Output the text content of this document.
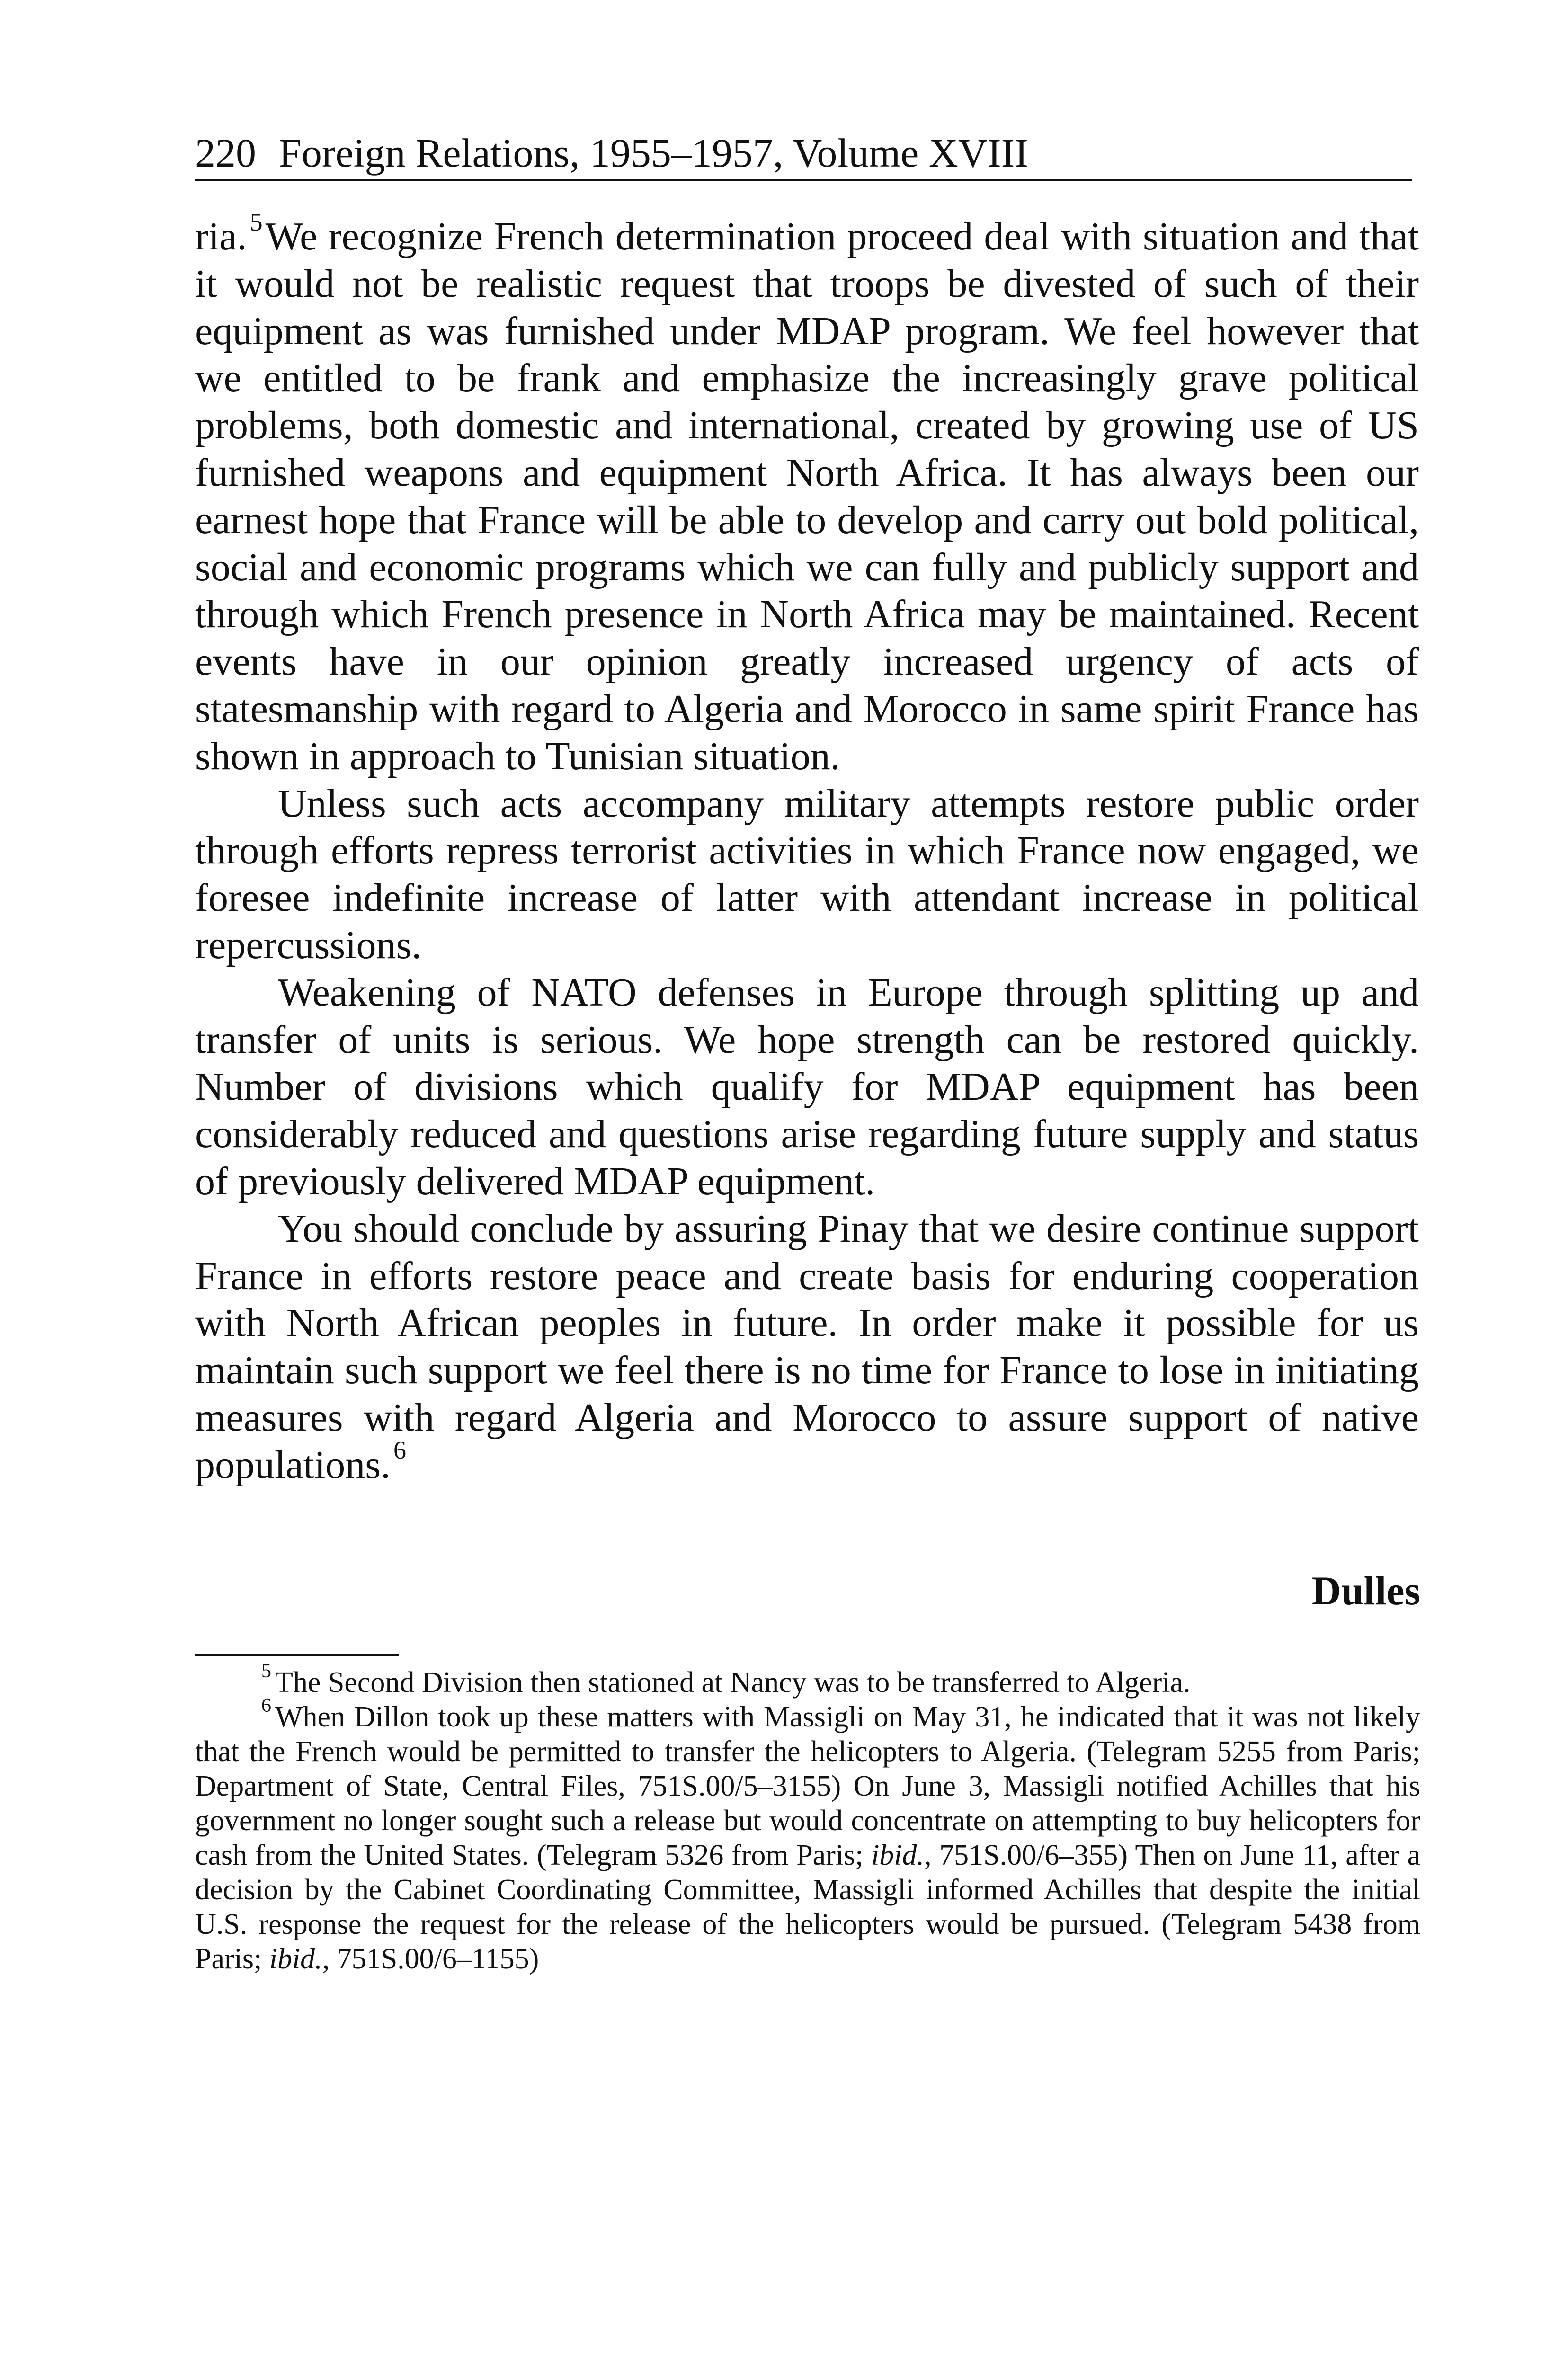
220 Foreign Relations, 1955–1957, Volume XVIII

ria. $^5$We recognize French determination proceed deal with situation and that it would not be realistic request that troops be divested of such of their equipment as was furnished under MDAP program. We feel however that we entitled to be frank and emphasize the increasingly grave political problems, both domestic and international, created by growing use of US furnished weapons and equipment North Africa. It has always been our earnest hope that France will be able to develop and carry out bold political, social and economic programs which we can fully and publicly support and through which French presence in North Africa may be maintained. Recent events have in our opinion greatly increased urgency of acts of statesmanship with regard to Algeria and Morocco in same spirit France has shown in approach to Tunisian situation.

Unless such acts accompany military attempts restore public order through efforts repress terrorist activities in which France now engaged, we foresee indefinite increase of latter with attendant increase in political repercussions.

Weakening of NATO defenses in Europe through splitting up and transfer of units is serious. We hope strength can be restored quickly. Number of divisions which qualify for MDAP equipment has been considerably reduced and questions arise regarding future supply and status of previously delivered MDAP equipment.

You should conclude by assuring Pinay that we desire continue support France in efforts restore peace and create basis for enduring cooperation with North African peoples in future. In order make it possible for us maintain such support we feel there is no time for France to lose in initiating measures with regard Algeria and Morocco to assure support of native populations. $^6$

Dulles

$^5$ The Second Division then stationed at Nancy was to be transferred to Algeria.

$^6$ When Dillon took up these matters with Massigli on May 31, he indicated that it was not likely that the French would be permitted to transfer the helicopters to Algeria. (Telegram 5255 from Paris; Department of State, Central Files, 751S.00/5–3155) On June 3, Massigli notified Achilles that his government no longer sought such a release but would concentrate on attempting to buy helicopters for cash from the United States. (Telegram 5326 from Paris; ibid., 751S.00/6–355) Then on June 11, after a decision by the Cabinet Coordinating Committee, Massigli informed Achilles that despite the initial U.S. response the request for the release of the helicopters would be pursued. (Telegram 5438 from Paris; ibid., 751S.00/6–1155)
